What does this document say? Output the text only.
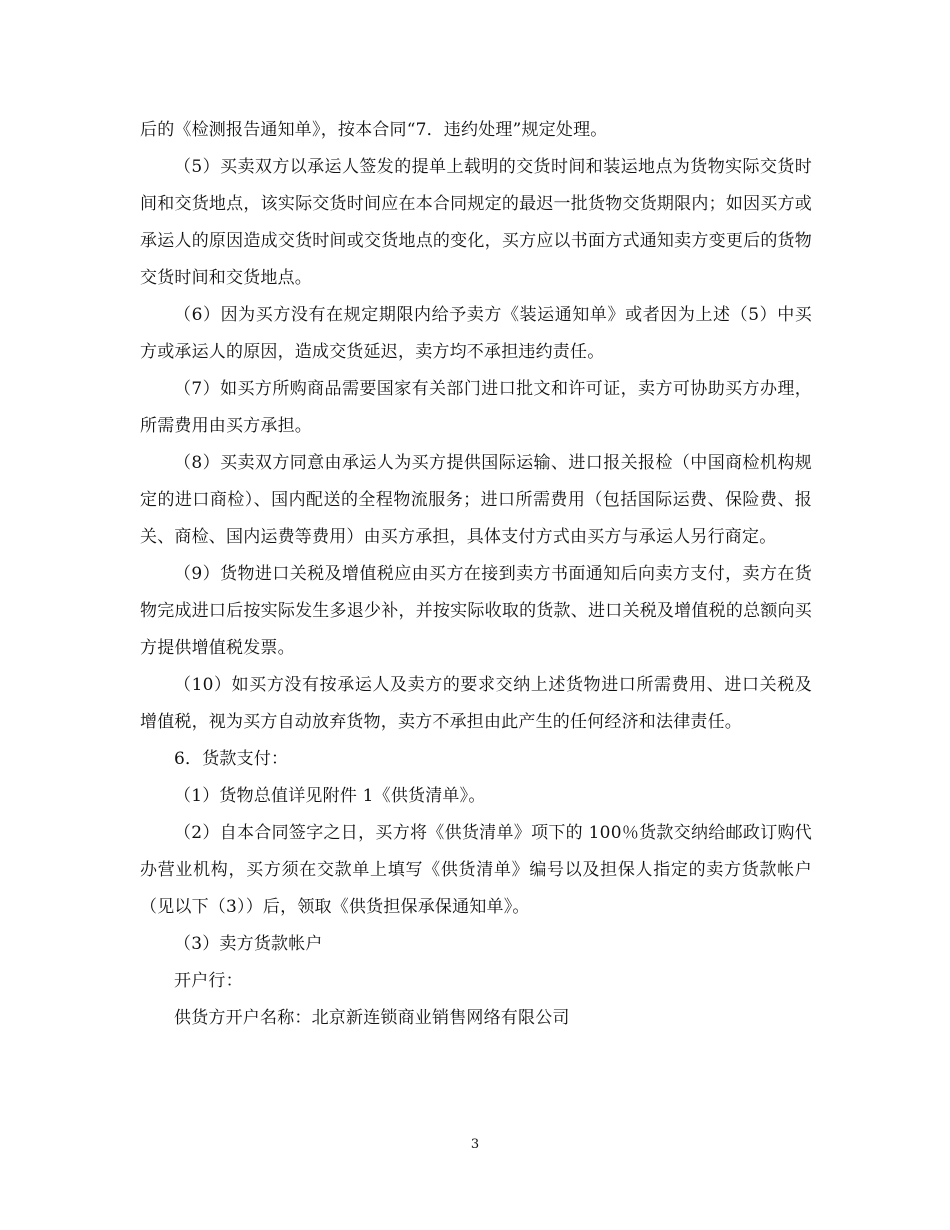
后的《检测报告通知单》，按本合同“7．违约处理”规定处理。

（5）买卖双方以承运人签发的提单上载明的交货时间和装运地点为货物实际交货时间和交货地点，该实际交货时间应在本合同规定的最迟一批货物交货期限内；如因买方或承运人的原因造成交货时间或交货地点的变化，买方应以书面方式通知卖方变更后的货物交货时间和交货地点。

（6）因为买方没有在规定期限内给予卖方《装运通知单》或者因为上述（5）中买方或承运人的原因，造成交货延迟，卖方均不承担违约责任。

（7）如买方所购商品需要国家有关部门进口批文和许可证，卖方可协助买方办理，所需费用由买方承担。

（8）买卖双方同意由承运人为买方提供国际运输、进口报关报检（中国商检机构规定的进口商检）、国内配送的全程物流服务；进口所需费用（包括国际运费、保险费、报关、商检、国内运费等费用）由买方承担，具体支付方式由买方与承运人另行商定。

（9）货物进口关税及增值税应由买方在接到卖方书面通知后向卖方支付，卖方在货物完成进口后按实际发生多退少补，并按实际收取的货款、进口关税及增值税的总额向买方提供增值税发票。

（10）如买方没有按承运人及卖方的要求交纳上述货物进口所需费用、进口关税及增值税，视为买方自动放弃货物，卖方不承担由此产生的任何经济和法律责任。

6．货款支付：

（1）货物总值详见附件 1《供货清单》。

（2）自本合同签字之日，买方将《供货清单》项下的 100％货款交纳给邮政订购代办营业机构，买方须在交款单上填写《供货清单》编号以及担保人指定的卖方货款帐户（见以下（3））后，领取《供货担保承保通知单》。

（3）卖方货款帐户

开户行：

供货方开户名称：北京新连锁商业销售网络有限公司

3
